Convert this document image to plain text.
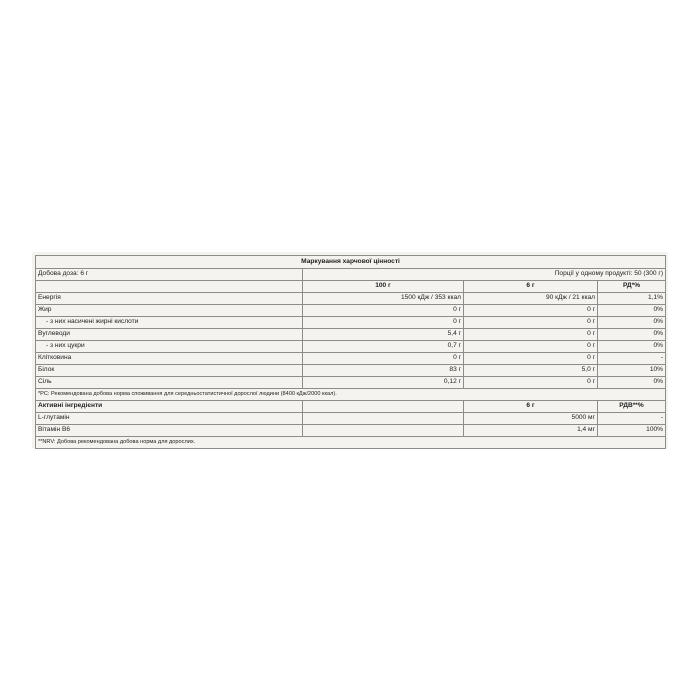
Маркування харчової цінності			
Добова доза: 6 г	Порції у одному продукті: 50 (300 г)		
	100 г	6 г	РД*%
Енергія	1500 кДж / 353 ккал	90 кДж / 21 ккал	1,1%
Жир	0 г	0 г	0%
- з них насичені жирні кислоти	0 г	0 г	0%
Вуглеводи	5,4 г	0 г	0%
- з них цукри	0,7 г	0 г	0%
Клітковина	0 г	0 г	-
Білок	83 г	5,0 г	10%
Сіль	0,12 г	0 г	0%
*РС: Рекомендована добова норма споживання для середньостатистичної дорослої людини (8400 кДж/2000 ккал).			
Активні інгредієнти		6 г	РДВ**%
L-глутамін		5000 мг	-
Вітамін В6		1,4 мг	100%
**NRV: Добова рекомендована добова норма для дорослих.			
